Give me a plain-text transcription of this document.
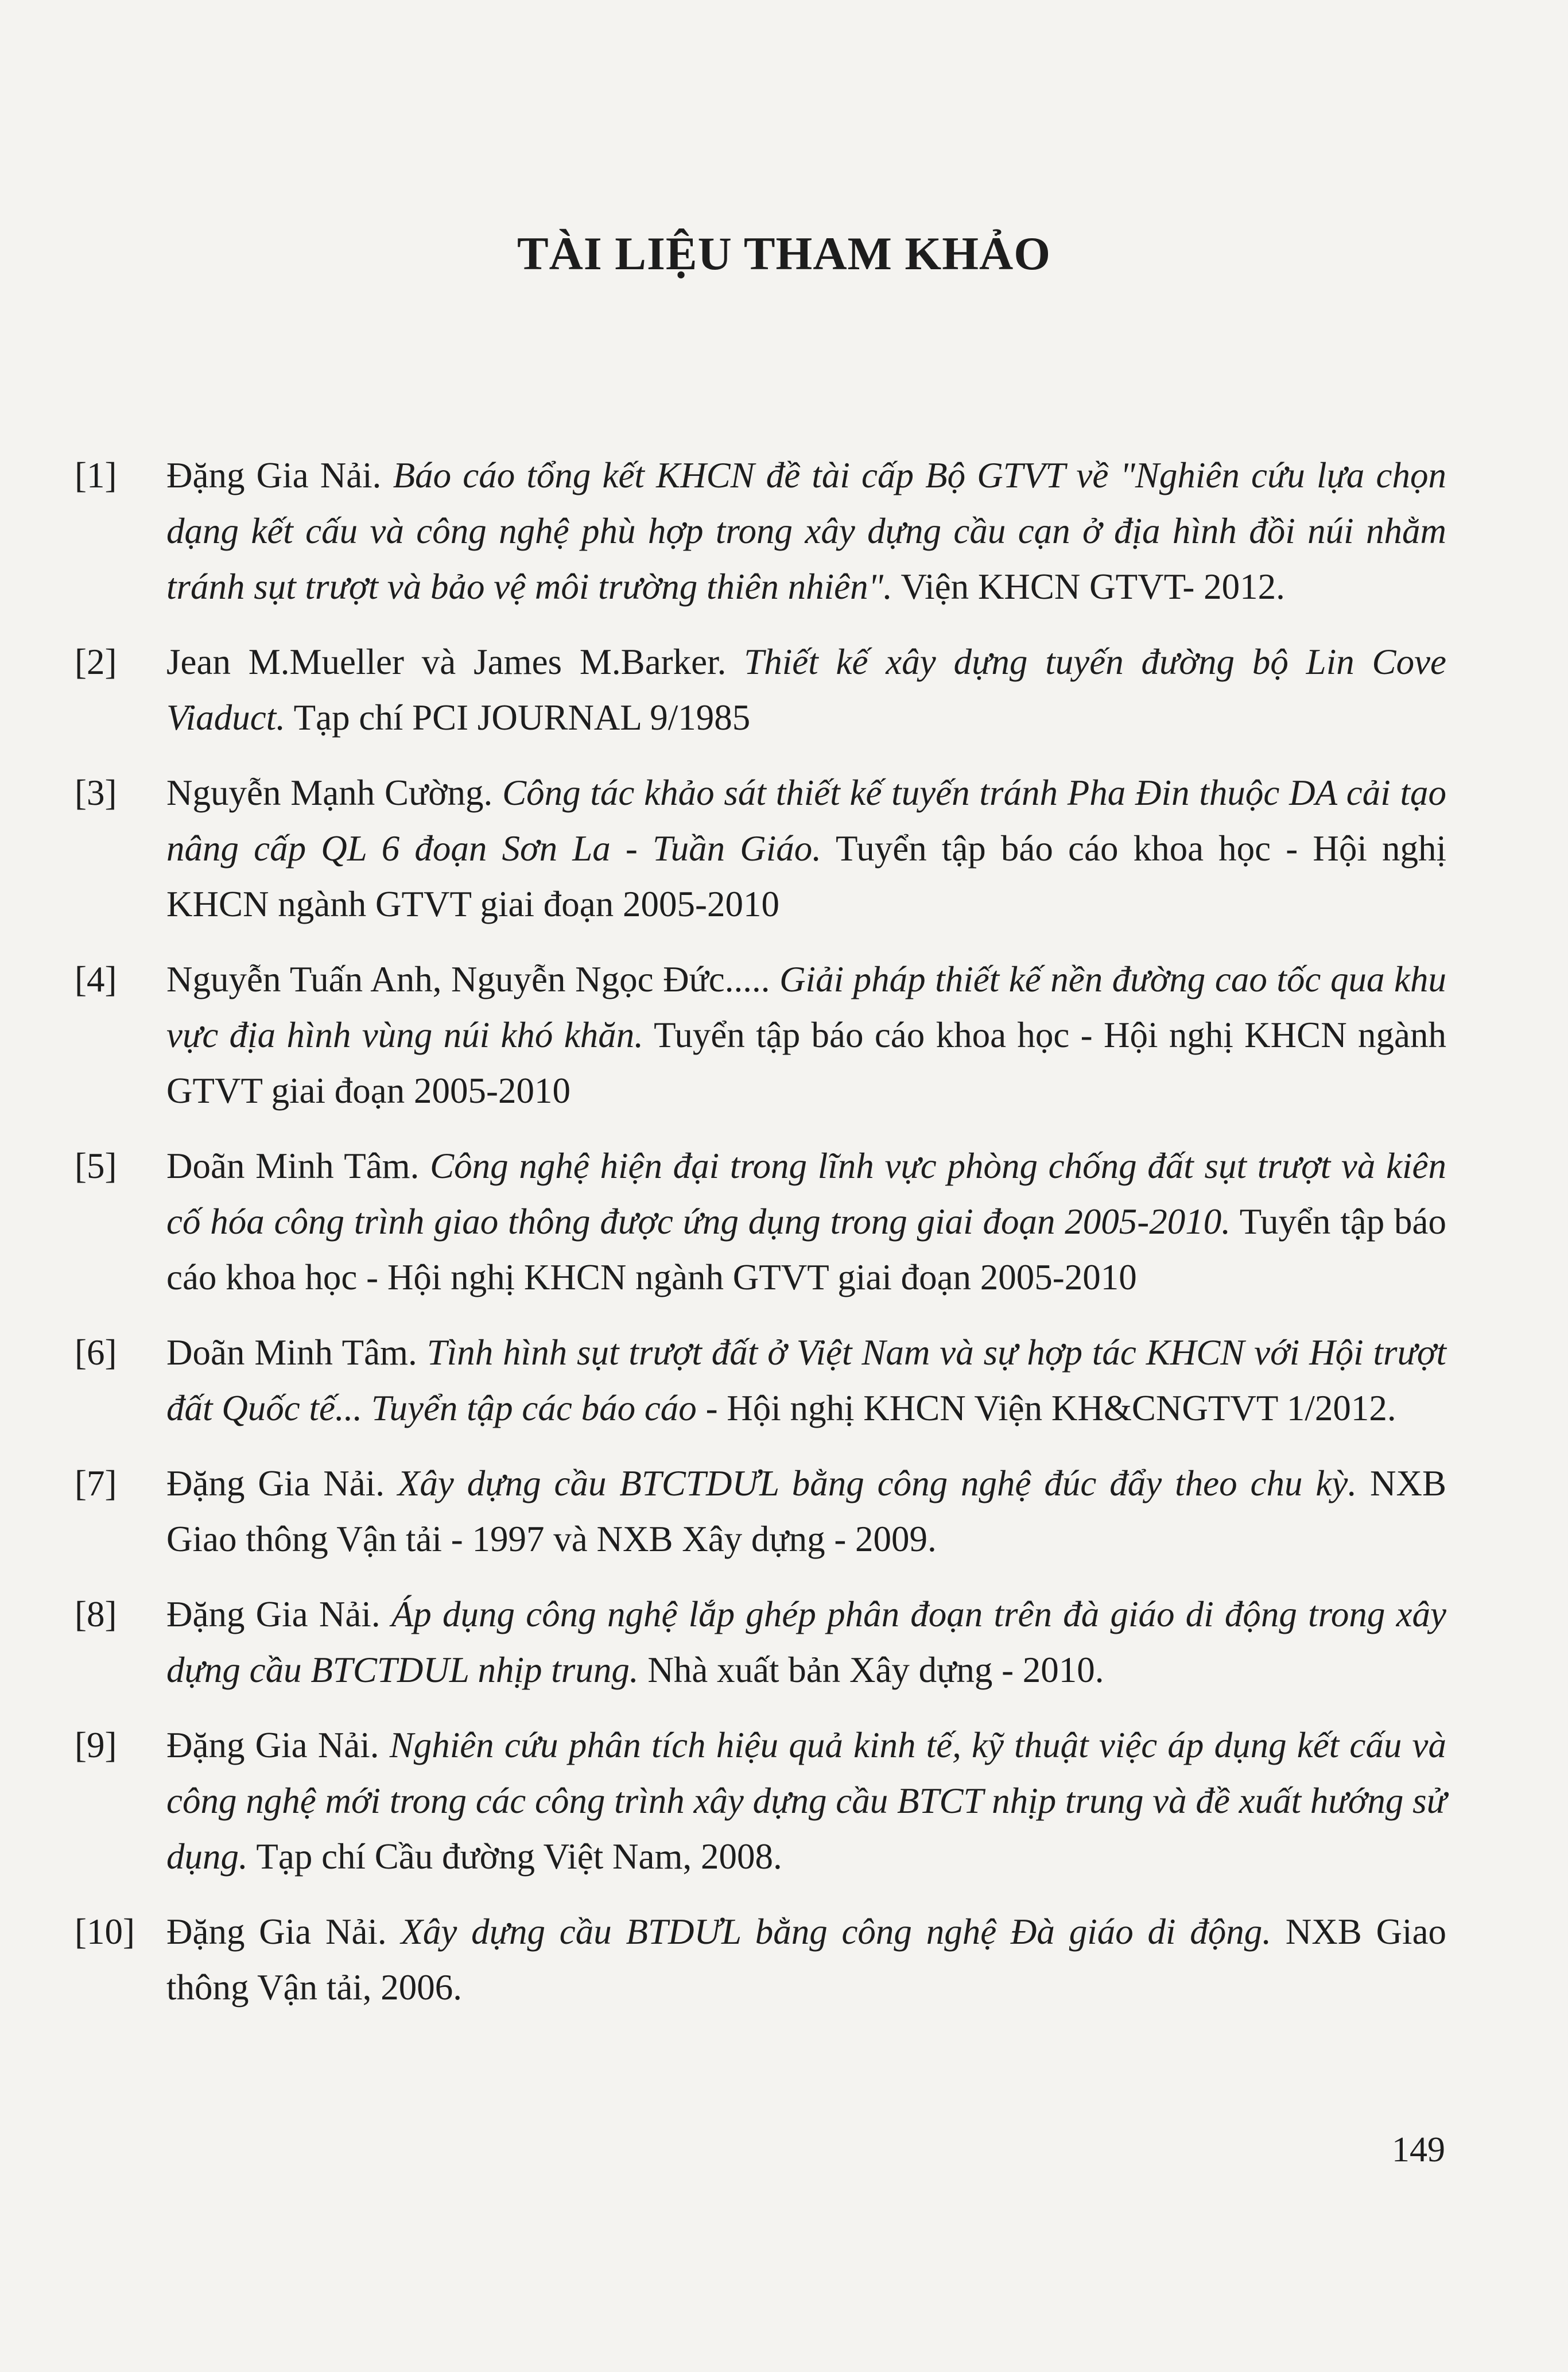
TÀI LIỆU THAM KHẢO
[1] Đặng Gia Nải. Báo cáo tổng kết KHCN đề tài cấp Bộ GTVT về "Nghiên cứu lựa chọn dạng kết cấu và công nghệ phù hợp trong xây dựng cầu cạn ở địa hình đồi núi nhằm tránh sụt trượt và bảo vệ môi trường thiên nhiên". Viện KHCN GTVT- 2012.
[2] Jean M.Mueller và James M.Barker. Thiết kế xây dựng tuyến đường bộ Lin Cove Viaduct. Tạp chí PCI JOURNAL 9/1985
[3] Nguyễn Mạnh Cường. Công tác khảo sát thiết kế tuyến tránh Pha Đin thuộc DA cải tạo nâng cấp QL 6 đoạn Sơn La - Tuần Giáo. Tuyển tập báo cáo khoa học - Hội nghị KHCN ngành GTVT giai đoạn 2005-2010
[4] Nguyễn Tuấn Anh, Nguyễn Ngọc Đức..... Giải pháp thiết kế nền đường cao tốc qua khu vực địa hình vùng núi khó khăn. Tuyển tập báo cáo khoa học - Hội nghị KHCN ngành GTVT giai đoạn 2005-2010
[5] Doãn Minh Tâm. Công nghệ hiện đại trong lĩnh vực phòng chống đất sụt trượt và kiên cố hóa công trình giao thông được ứng dụng trong giai đoạn 2005-2010. Tuyển tập báo cáo khoa học - Hội nghị KHCN ngành GTVT giai đoạn 2005-2010
[6] Doãn Minh Tâm. Tình hình sụt trượt đất ở Việt Nam và sự hợp tác KHCN với Hội trượt đất Quốc tế... Tuyển tập các báo cáo - Hội nghị KHCN Viện KH&CNGTVT 1/2012.
[7] Đặng Gia Nải. Xây dựng cầu BTCTDƯL bằng công nghệ đúc đẩy theo chu kỳ. NXB Giao thông Vận tải - 1997 và NXB Xây dựng - 2009.
[8] Đặng Gia Nải. Áp dụng công nghệ lắp ghép phân đoạn trên đà giáo di động trong xây dựng cầu BTCTDUL nhịp trung. Nhà xuất bản Xây dựng - 2010.
[9] Đặng Gia Nải. Nghiên cứu phân tích hiệu quả kinh tế, kỹ thuật việc áp dụng kết cấu và công nghệ mới trong các công trình xây dựng cầu BTCT nhịp trung và đề xuất hướng sử dụng. Tạp chí Cầu đường Việt Nam, 2008.
[10] Đặng Gia Nải. Xây dựng cầu BTDƯL bằng công nghệ Đà giáo di động. NXB Giao thông Vận tải, 2006.
149
